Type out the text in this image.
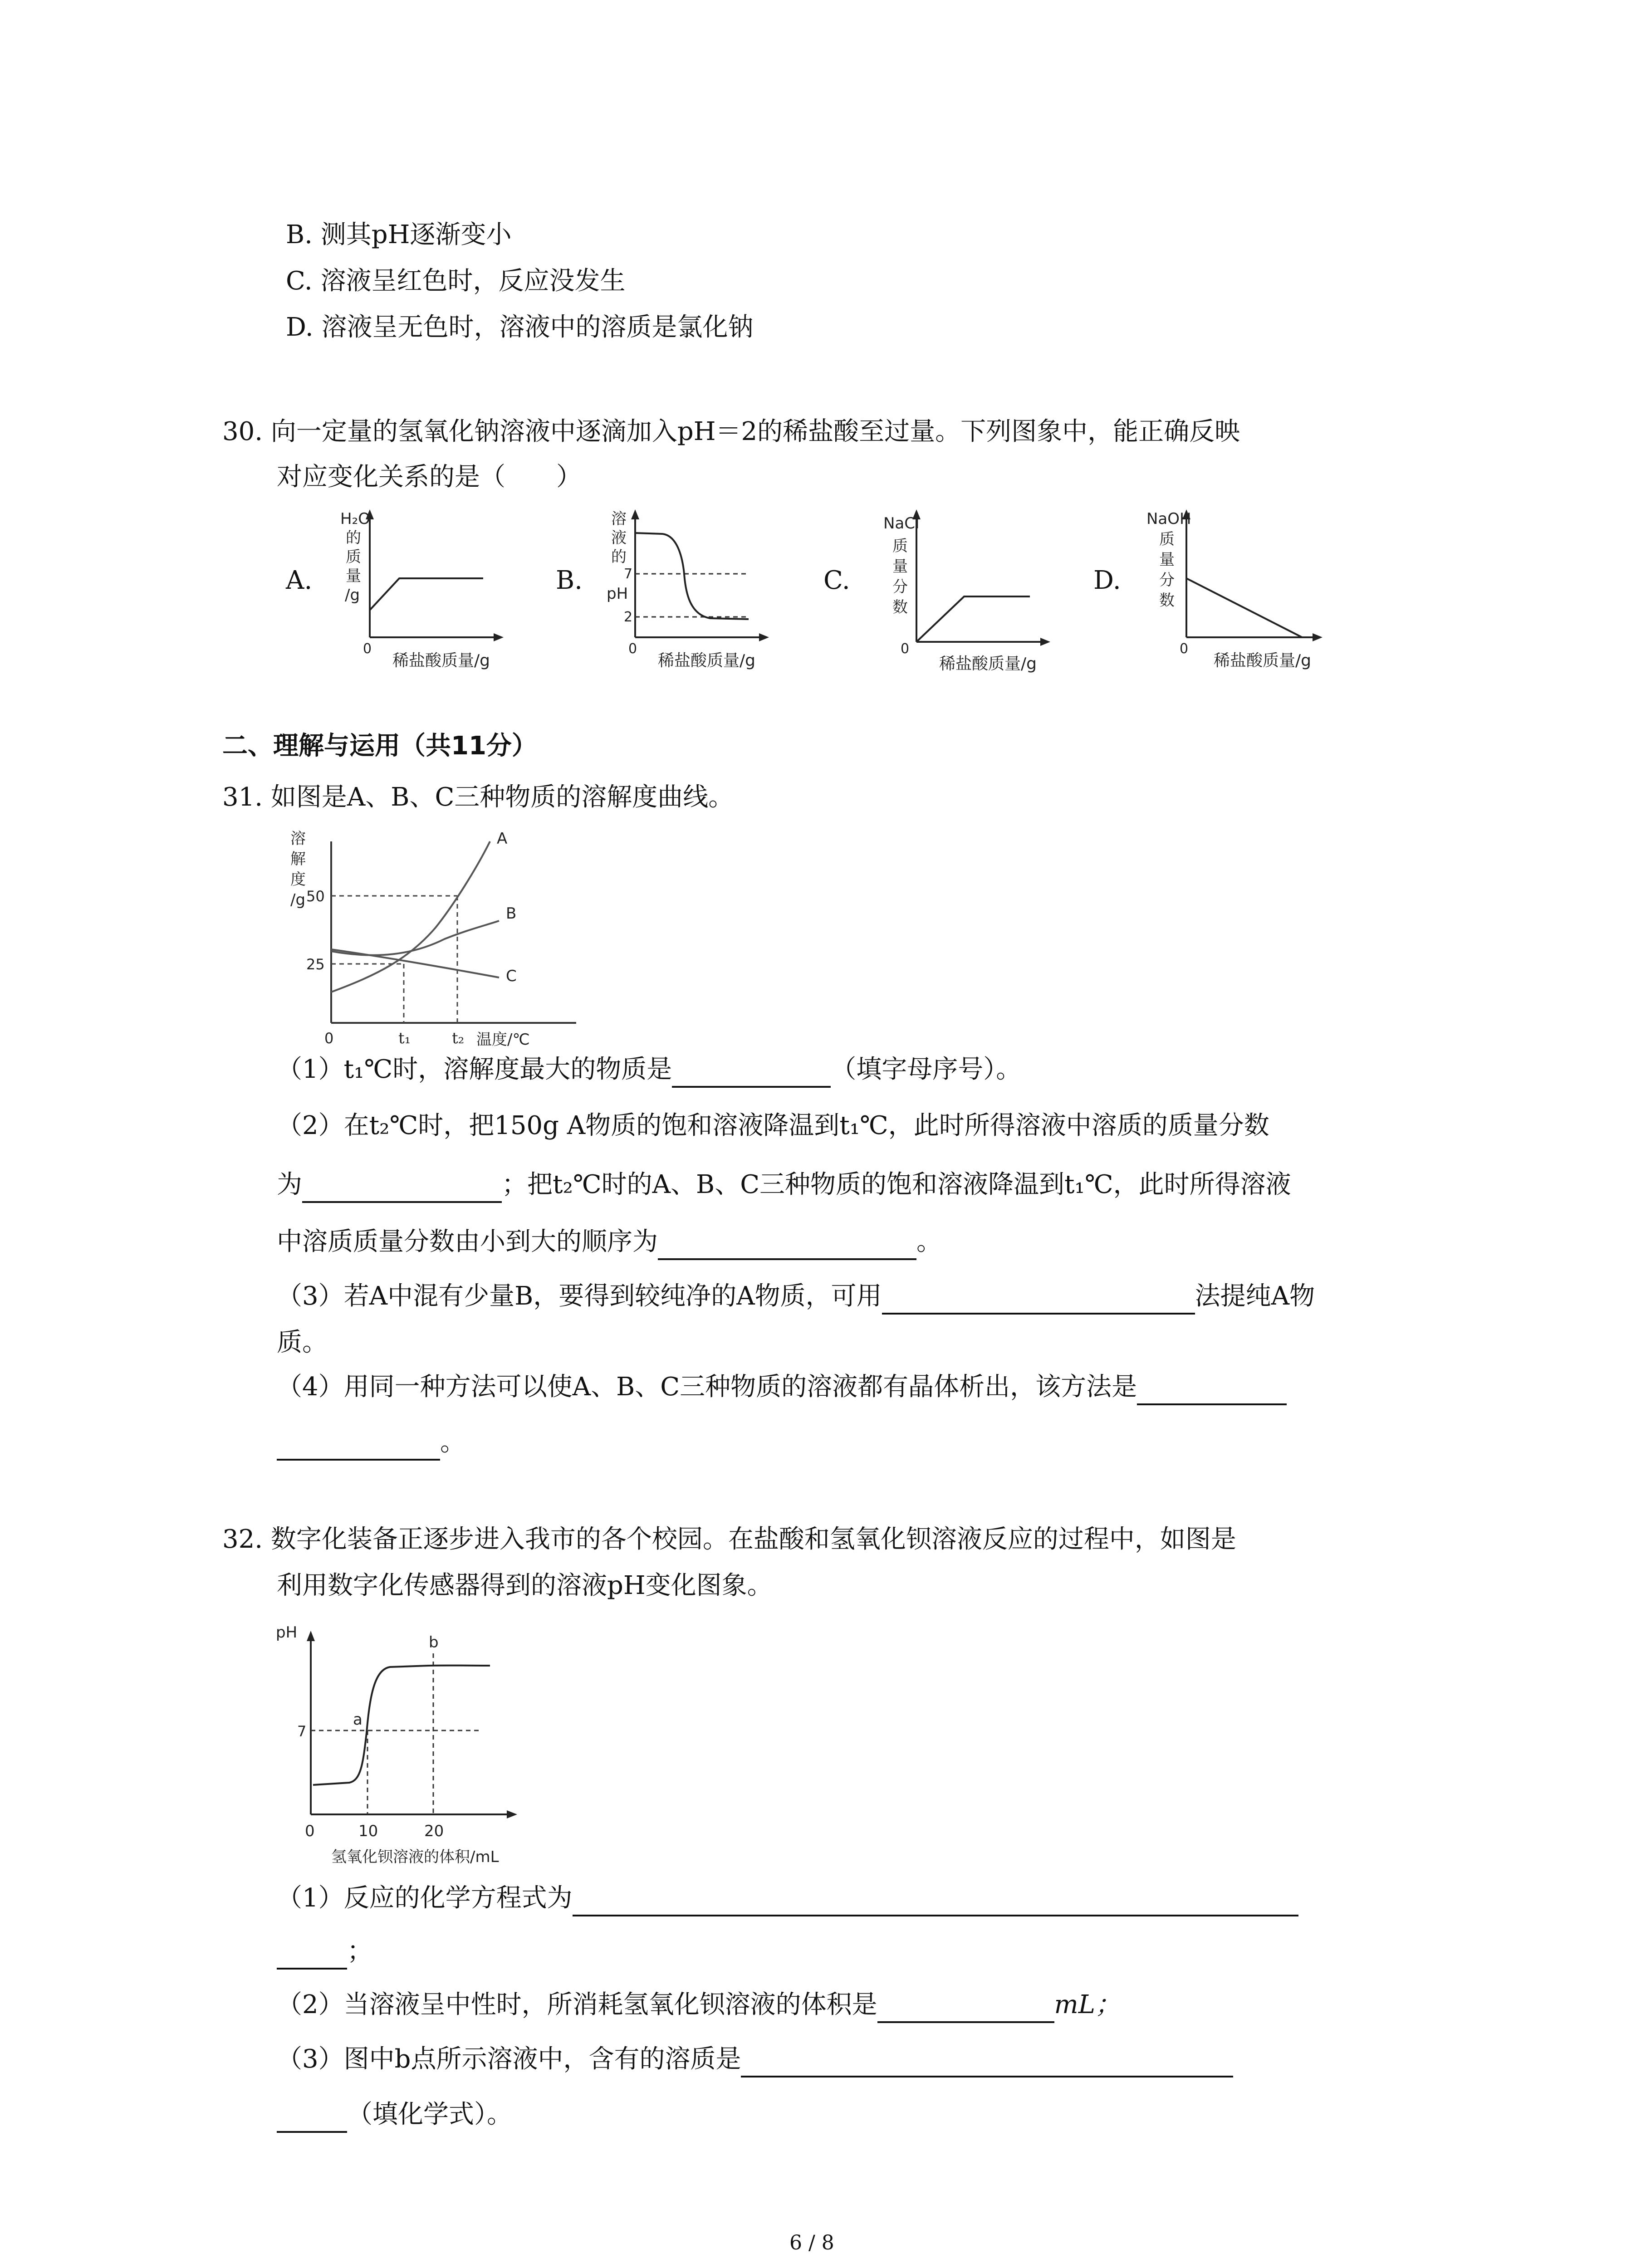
B. 测其pH逐渐变小
C. 溶液呈红色时，反应没发生
D. 溶液呈无色时，溶液中的溶质是氯化钠
30. 向一定量的氢氧化钠溶液中逐滴加入pH＝2的稀盐酸至过量。下列图象中，能正确反映
对应变化关系的是（　　）
A.	B.	C.	D.
H₂O
的
质
量
/g
0
稀盐酸质量/g
溶
液
的
pH
7
2
0
稀盐酸质量/g
NaCl
质
量
分
数
0
稀盐酸质量/g
NaOH
质
量
分
数
0
稀盐酸质量/g
二、理解与运用（共11分）
31. 如图是A、B、C三种物质的溶解度曲线。
溶
解
度
/g 50
25
0	t₁	t₂ 温度/℃
A
B
C
（1）t₁℃时，溶解度最大的物质是	（填字母序号）。
（2）在t₂℃时，把150g A物质的饱和溶液降温到t₁℃，此时所得溶液中溶质的质量分数
为	；把t₂℃时的A、B、C三种物质的饱和溶液降温到t₁℃，此时所得溶液
中溶质质量分数由小到大的顺序为	。
（3）若A中混有少量B，要得到较纯净的A物质，可用	法提纯A物
质。
（4）用同一种方法可以使A、B、C三种物质的溶液都有晶体析出，该方法是
。
32. 数字化装备正逐步进入我市的各个校园。在盐酸和氢氧化钡溶液反应的过程中，如图是
利用数字化传感器得到的溶液pH变化图象。
pH
7
0	10	20
a
b
氢氧化钡溶液的体积/mL
（1）反应的化学方程式为
；
（2）当溶液呈中性时，所消耗氢氧化钡溶液的体积是	mL；
（3）图中b点所示溶液中，含有的溶质是
（填化学式）。
6 / 8
